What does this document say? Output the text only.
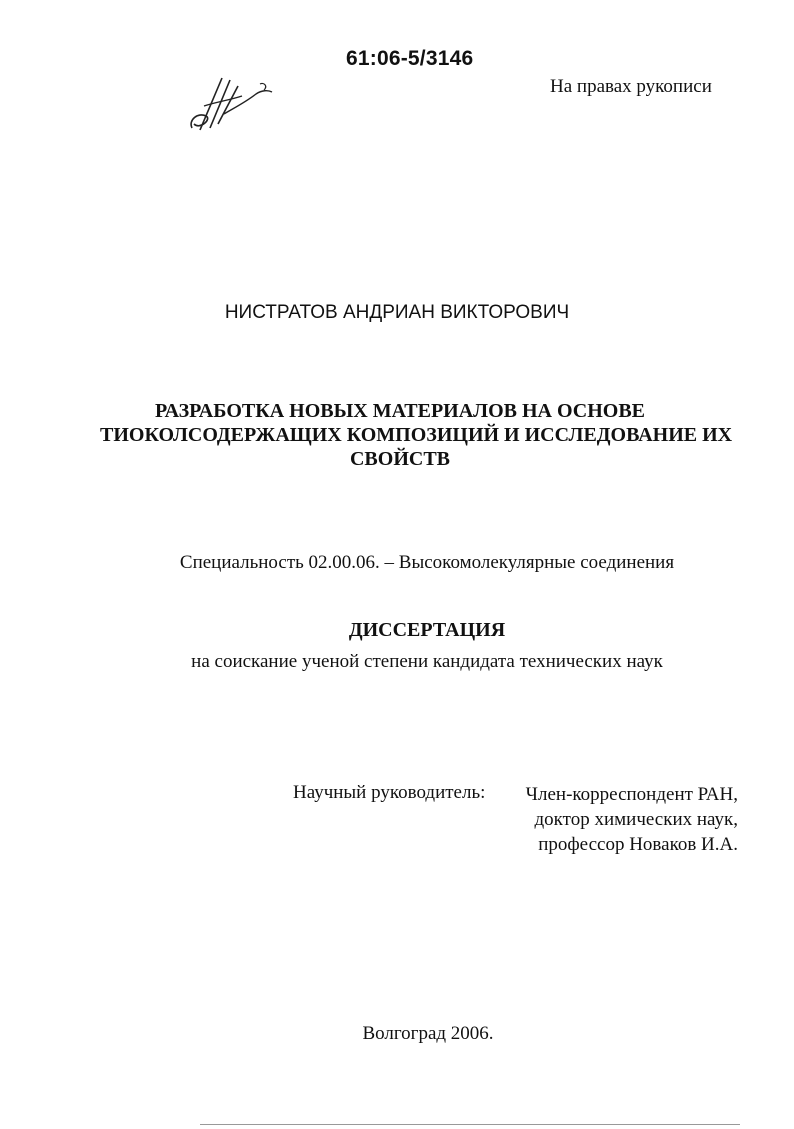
61:06-5/3146
На правах рукописи
НИСТРАТОВ АНДРИАН ВИКТОРОВИЧ
РАЗРАБОТКА НОВЫХ МАТЕРИАЛОВ НА ОСНОВЕ
ТИОКОЛСОДЕРЖАЩИХ КОМПОЗИЦИЙ И ИССЛЕДОВАНИЕ ИХ
СВОЙСТВ
Специальность 02.00.06. – Высокомолекулярные соединения
ДИССЕРТАЦИЯ
на соискание ученой степени кандидата технических наук
Научный руководитель:	Член-корреспондент РАН,
доктор химических наук,
профессор Новаков И.А.
Волгоград 2006.
